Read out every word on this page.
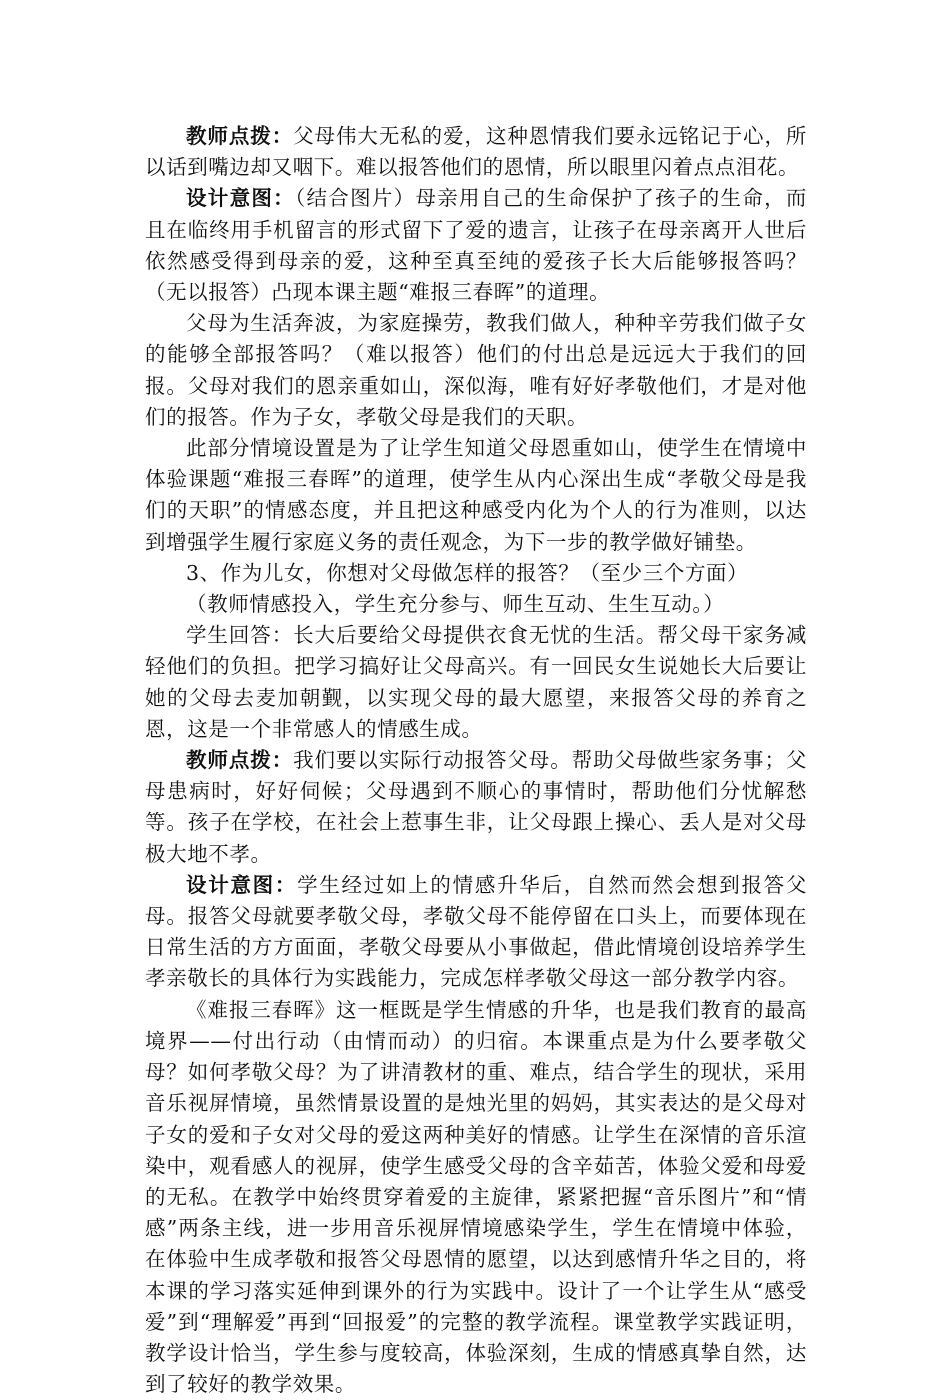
教师点拨：父母伟大无私的爱，这种恩情我们要永远铭记于心，所以话到嘴边却又咽下。难以报答他们的恩情，所以眼里闪着点点泪花。

设计意图：（结合图片）母亲用自己的生命保护了孩子的生命，而且在临终用手机留言的形式留下了爱的遗言，让孩子在母亲离开人世后依然感受得到母亲的爱，这种至真至纯的爱孩子长大后能够报答吗？（无以报答）凸现本课主题“难报三春晖”的道理。

父母为生活奔波，为家庭操劳，教我们做人，种种辛劳我们做子女的能够全部报答吗？（难以报答）他们的付出总是远远大于我们的回报。父母对我们的恩亲重如山，深似海，唯有好好孝敬他们，才是对他们的报答。作为子女，孝敬父母是我们的天职。

此部分情境设置是为了让学生知道父母恩重如山，使学生在情境中体验课题“难报三春晖”的道理，使学生从内心深出生成“孝敬父母是我们的天职”的情感态度，并且把这种感受内化为个人的行为准则，以达到增强学生履行家庭义务的责任观念，为下一步的教学做好铺垫。

3、作为儿女，你想对父母做怎样的报答？（至少三个方面）

（教师情感投入，学生充分参与、师生互动、生生互动。）

学生回答：长大后要给父母提供衣食无忧的生活。帮父母干家务减轻他们的负担。把学习搞好让父母高兴。有一回民女生说她长大后要让她的父母去麦加朝觐，以实现父母的最大愿望，来报答父母的养育之恩，这是一个非常感人的情感生成。

教师点拨：我们要以实际行动报答父母。帮助父母做些家务事；父母患病时，好好伺候；父母遇到不顺心的事情时，帮助他们分忧解愁等。孩子在学校，在社会上惹事生非，让父母跟上操心、丢人是对父母极大地不孝。

设计意图：学生经过如上的情感升华后，自然而然会想到报答父母。报答父母就要孝敬父母，孝敬父母不能停留在口头上，而要体现在日常生活的方方面面，孝敬父母要从小事做起，借此情境创设培养学生孝亲敬长的具体行为实践能力，完成怎样孝敬父母这一部分教学内容。

《难报三春晖》这一框既是学生情感的升华，也是我们教育的最高境界——付出行动（由情而动）的归宿。本课重点是为什么要孝敬父母？如何孝敬父母？为了讲清教材的重、难点，结合学生的现状，采用音乐视屏情境，虽然情景设置的是烛光里的妈妈，其实表达的是父母对子女的爱和子女对父母的爱这两种美好的情感。让学生在深情的音乐渲染中，观看感人的视屏，使学生感受父母的含辛茹苦，体验父爱和母爱的无私。在教学中始终贯穿着爱的主旋律，紧紧把握“音乐图片”和“情感”两条主线，进一步用音乐视屏情境感染学生，学生在情境中体验，在体验中生成孝敬和报答父母恩情的愿望，以达到感情升华之目的，将本课的学习落实延伸到课外的行为实践中。设计了一个让学生从“感受爱”到“理解爱”再到“回报爱”的完整的教学流程。课堂教学实践证明，教学设计恰当，学生参与度较高，体验深刻，生成的情感真挚自然，达到了较好的教学效果。
